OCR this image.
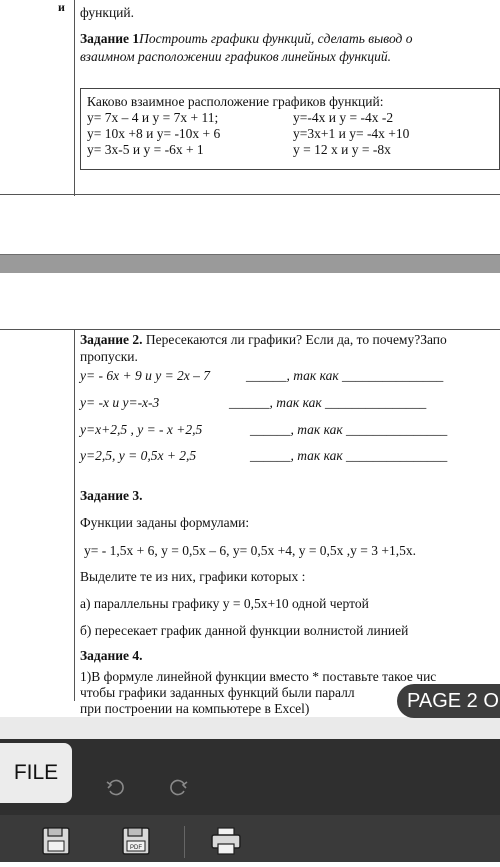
и функций.
Задание 1Построить графики функций, сделать вывод о
взаимном расположении графиков линейных функций.
Каково взаимное расположение графиков функций:
y= 7x – 4 и y = 7x + 11;	y=-4x и y = -4x -2
y= 10x +8 и y= -10x + 6	y=3x+1 и y= -4x +10
y= 3x-5 и y = -6x + 1	y = 12 x и y = -8x
Задание 2. Пересекаются ли графики? Если да, то почему?Запо
пропуски.
y= - 6x + 9 и y = 2x – 7	______, так как _______________
y= -x и y=-x-3	______, так как _______________
y=x+2,5 , y = - x +2,5	______, так как _______________
y=2,5, y = 0,5x + 2,5	______, так как _______________
Задание 3.
Функции заданы формулами:
y= - 1,5x + 6, y = 0,5x – 6, y= 0,5x +4, y = 0,5x ,y = 3 +1,5x.
Выделите те из них, графики которых :
а) параллельны графику у = 0,5х+10 одной чертой
б) пересекает график данной функции волнистой линией
Задание 4.
1)В формуле линейной функции вместо * поставьте такое чис
чтобы графики заданных функций были паралл
при построении на компьютере в Excel)	PAGE 2 O
FILE
PDF
